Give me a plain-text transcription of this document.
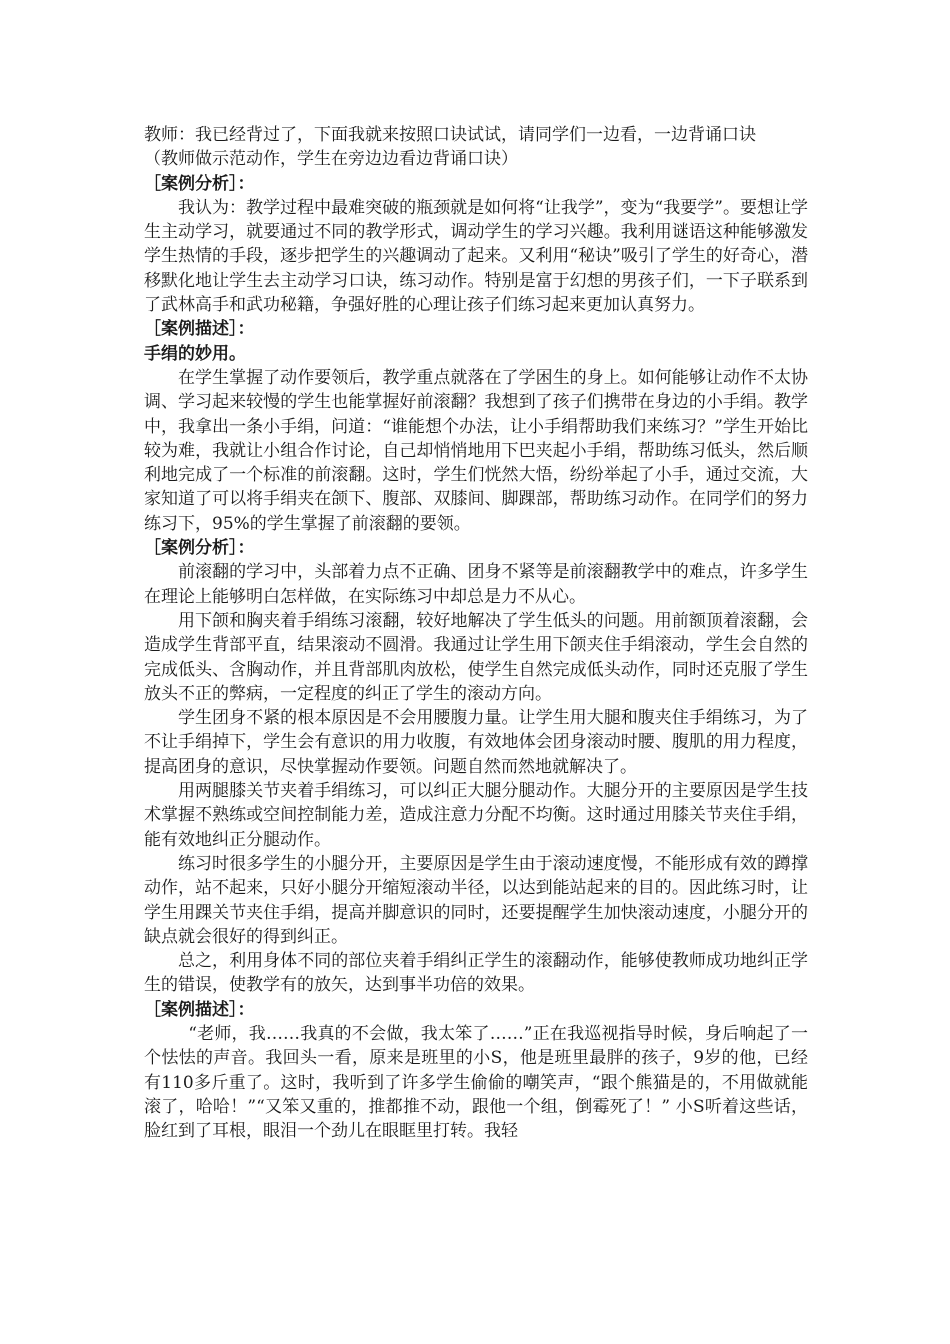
教师：我已经背过了，下面我就来按照口诀试试，请同学们一边看，一边背诵口诀

（教师做示范动作，学生在旁边边看边背诵口诀）

［案例分析］：

我认为：教学过程中最难突破的瓶颈就是如何将“让我学”，变为“我要学”。要想让学生主动学习，就要通过不同的教学形式，调动学生的学习兴趣。我利用谜语这种能够激发学生热情的手段，逐步把学生的兴趣调动了起来。又利用“秘诀”吸引了学生的好奇心，潜移默化地让学生去主动学习口诀，练习动作。特别是富于幻想的男孩子们，一下子联系到了武林高手和武功秘籍，争强好胜的心理让孩子们练习起来更加认真努力。

［案例描述］：

手绢的妙用。

在学生掌握了动作要领后，教学重点就落在了学困生的身上。如何能够让动作不太协调、学习起来较慢的学生也能掌握好前滚翻？我想到了孩子们携带在身边的小手绢。教学中，我拿出一条小手绢，问道：“谁能想个办法，让小手绢帮助我们来练习？”学生开始比较为难，我就让小组合作讨论，自己却悄悄地用下巴夹起小手绢，帮助练习低头，然后顺利地完成了一个标准的前滚翻。这时，学生们恍然大悟，纷纷举起了小手，通过交流，大家知道了可以将手绢夹在颌下、腹部、双膝间、脚踝部，帮助练习动作。在同学们的努力练习下，95%的学生掌握了前滚翻的要领。

［案例分析］：

前滚翻的学习中，头部着力点不正确、团身不紧等是前滚翻教学中的难点，许多学生在理论上能够明白怎样做，在实际练习中却总是力不从心。

用下颌和胸夹着手绢练习滚翻，较好地解决了学生低头的问题。用前额顶着滚翻，会造成学生背部平直，结果滚动不圆滑。我通过让学生用下颌夹住手绢滚动，学生会自然的完成低头、含胸动作，并且背部肌肉放松，使学生自然完成低头动作，同时还克服了学生放头不正的弊病，一定程度的纠正了学生的滚动方向。

学生团身不紧的根本原因是不会用腰腹力量。让学生用大腿和腹夹住手绢练习，为了不让手绢掉下，学生会有意识的用力收腹，有效地体会团身滚动时腰、腹肌的用力程度，提高团身的意识，尽快掌握动作要领。问题自然而然地就解决了。

用两腿膝关节夹着手绢练习，可以纠正大腿分腿动作。大腿分开的主要原因是学生技术掌握不熟练或空间控制能力差，造成注意力分配不均衡。这时通过用膝关节夹住手绢，能有效地纠正分腿动作。

练习时很多学生的小腿分开，主要原因是学生由于滚动速度慢，不能形成有效的蹲撑动作，站不起来，只好小腿分开缩短滚动半径，以达到能站起来的目的。因此练习时，让学生用踝关节夹住手绢，提高并脚意识的同时，还要提醒学生加快滚动速度，小腿分开的缺点就会很好的得到纠正。

总之，利用身体不同的部位夹着手绢纠正学生的滚翻动作，能够使教师成功地纠正学生的错误，使教学有的放矢，达到事半功倍的效果。

［案例描述］：

“老师，我……我真的不会做，我太笨了……”正在我巡视指导时候，身后响起了一个怯怯的声音。我回头一看，原来是班里的小S，他是班里最胖的孩子，9岁的他，已经有110多斤重了。这时，我听到了许多学生偷偷的嘲笑声，“跟个熊猫是的，不用做就能滚了，哈哈！”“又笨又重的，推都推不动，跟他一个组，倒霉死了！” 小S听着这些话，脸红到了耳根，眼泪一个劲儿在眼眶里打转。我轻
